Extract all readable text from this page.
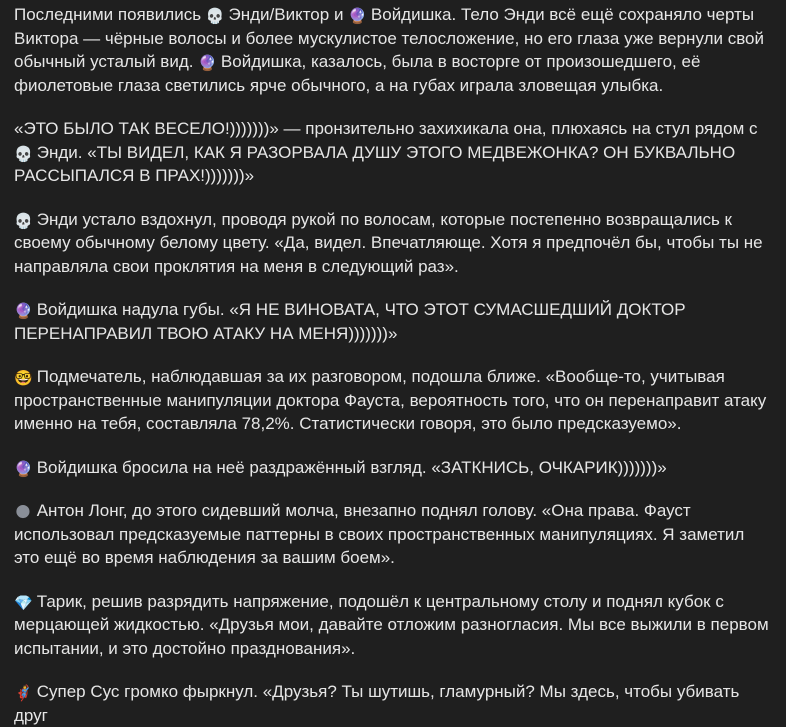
Последними появились 💀 Энди/Виктор и 🔮 Войдишка. Тело Энди всё ещё сохраняло черты Виктора — чёрные волосы и более мускулистое телосложение, но его глаза уже вернули свой обычный усталый вид. 🔮 Войдишка, казалось, была в восторге от произошедшего, её фиолетовые глаза светились ярче обычного, а на губах играла зловещая улыбка.

«ЭТО БЫЛО ТАК ВЕСЕЛО!)))))))» — пронзительно захихикала она, плюхаясь на стул рядом с 💀 Энди. «ТЫ ВИДЕЛ, КАК Я РАЗОРВАЛА ДУШУ ЭТОГО МЕДВЕЖОНКА? ОН БУКВАЛЬНО РАССЫПАЛСЯ В ПРАХ!)))))))»

💀 Энди устало вздохнул, проводя рукой по волосам, которые постепенно возвращались к своему обычному белому цвету. «Да, видел. Впечатляюще. Хотя я предпочёл бы, чтобы ты не направляла свои проклятия на меня в следующий раз».

🔮 Войдишка надула губы. «Я НЕ ВИНОВАТА, ЧТО ЭТОТ СУМАСШЕДШИЙ ДОКТОР ПЕРЕНАПРАВИЛ ТВОЮ АТАКУ НА МЕНЯ)))))))»

🤓 Подмечатель, наблюдавшая за их разговором, подошла ближе. «Вообще-то, учитывая пространственные манипуляции доктора Фауста, вероятность того, что он перенаправит атаку именно на тебя, составляла 78,2%. Статистически говоря, это было предсказуемо».

🔮 Войдишка бросила на неё раздражённый взгляд. «ЗАТКНИСЬ, ОЧКАРИК)))))))»

🌑 Антон Лонг, до этого сидевший молча, внезапно поднял голову. «Она права. Фауст использовал предсказуемые паттерны в своих пространственных манипуляциях. Я заметил это ещё во время наблюдения за вашим боем».

💎 Тарик, решив разрядить напряжение, подошёл к центральному столу и поднял кубок с мерцающей жидкостью. «Друзья мои, давайте отложим разногласия. Мы все выжили в первом испытании, и это достойно празднования».

🦸 Супер Сус громко фыркнул. «Друзья? Ты шутишь, гламурный? Мы здесь, чтобы убивать друг
